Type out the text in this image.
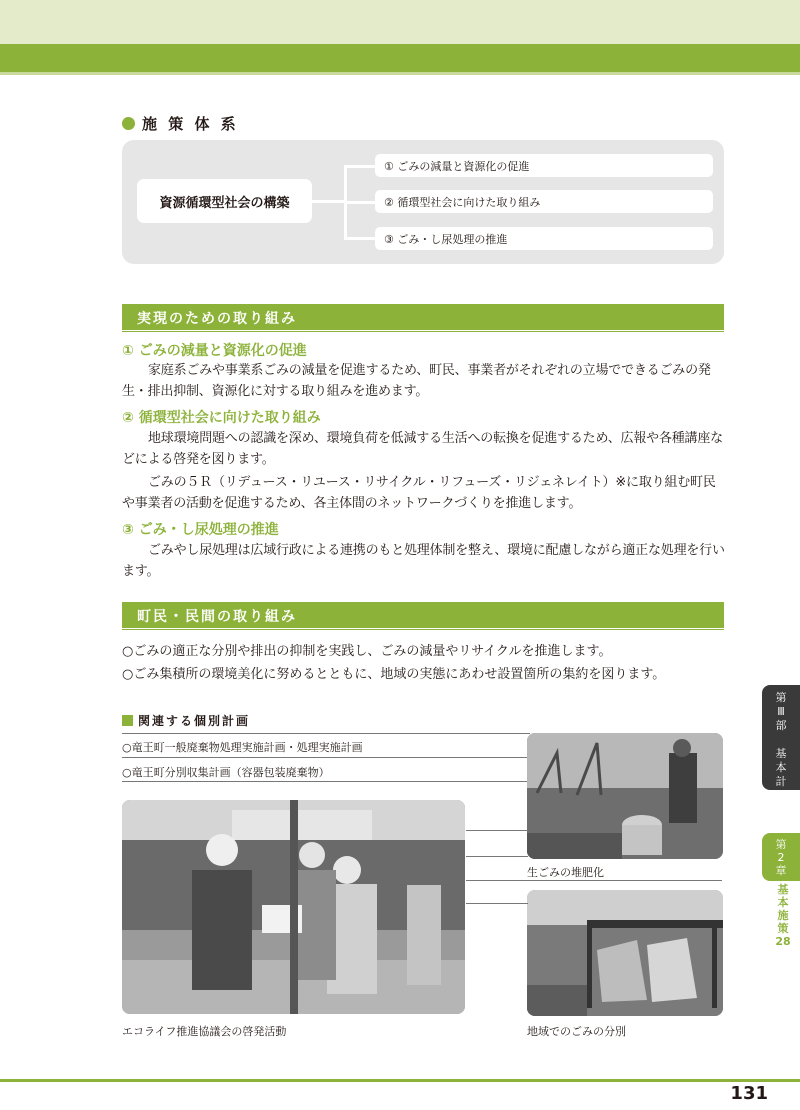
施 策 体 系
資源循環型社会の構築
① ごみの減量と資源化の促進
② 循環型社会に向けた取り組み
③ ごみ・し尿処理の推進
実現のための取り組み
① ごみの減量と資源化の促進
家庭系ごみや事業系ごみの減量を促進するため、町民、事業者がそれぞれの立場でできるごみの発生・排出抑制、資源化に対する取り組みを進めます。
② 循環型社会に向けた取り組み
地球環境問題への認識を深め、環境負荷を低減する生活への転換を促進するため、広報や各種講座などによる啓発を図ります。
ごみの５Ｒ（リデュース・リユース・リサイクル・リフューズ・リジェネレイト）※に取り組む町民や事業者の活動を促進するため、各主体間のネットワークづくりを推進します。
③ ごみ・し尿処理の推進
ごみやし尿処理は広域行政による連携のもと処理体制を整え、環境に配慮しながら適正な処理を行います。
町民・民間の取り組み
○ごみの適正な分別や排出の抑制を実践し、ごみの減量やリサイクルを推進します。
○ごみ集積所の環境美化に努めるとともに、地域の実態にあわせ設置箇所の集約を図ります。
関連する個別計画
○竜王町一般廃棄物処理実施計画・処理実施計画
○竜王町分別収集計画（容器包装廃棄物）
生ごみの堆肥化
地域でのごみの分別
エコライフ推進協議会の啓発活動
第
Ⅲ
部

基
本
計
画
第
2
章
基
本
施
策
28
131
